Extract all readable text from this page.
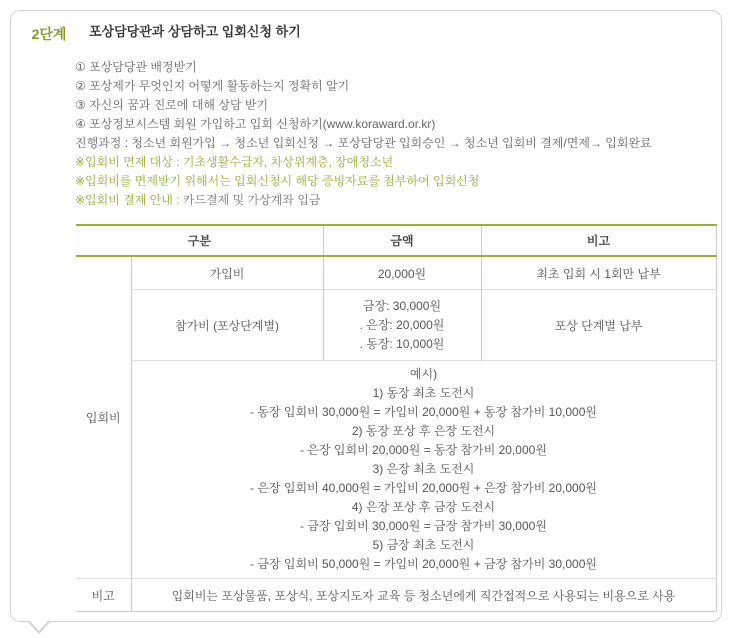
2단계	포상담당관과 상담하고 입회신청 하기
① 포상담당관 배정받기
② 포상제가 무엇인지 어떻게 활동하는지 정확히 알기
③ 자신의 꿈과 진로에 대해 상담 받기
④ 포상정보시스템 회원 가입하고 입회 신청하기(www.koraward.or.kr)
진행과정 : 청소년 회원가입 → 청소년 입회신청 → 포상담당관 입회승인 → 청소년 입회비 결제/면제→ 입회완료
※입회비 면제 대상 : 기초생활수급자, 차상위계층, 장애청소년
※입회비를 면제받기 위해서는 입회신청시 해당 증빙자료를 첨부하여 입회신청
※입회비 결제 안내 : 카드결제 및 가상계좌 입금
구분		금액	비고
입회비	가입비	20,000원	최초 입회 시 1회만 납부
	참가비 (포상단계별)	금장: 30,000원
. 은장: 20,000원
. 동장: 10,000원	포상 단계별 납부

예시)
1) 동장 최초 도전시
- 동장 입회비 30,000원 = 가입비 20,000원 + 동장 참가비 10,000원
2) 동장 포상 후 은장 도전시
- 은장 입회비 20,000원 = 동장 참가비 20,000원
3) 은장 최초 도전시
- 은장 입회비 40,000원 = 가입비 20,000원 + 은장 참가비 20,000원
4) 은장 포상 후 금장 도전시
- 금장 입회비 30,000원 = 금장 참가비 30,000원
5) 금장 최초 도전시
- 금장 입회비 50,000원 = 가입비 20,000원 + 금장 참가비 30,000원

비고	입회비는 포상물품, 포상식, 포상지도자 교육 등 청소년에게 직간접적으로 사용되는 비용으로 사용		
